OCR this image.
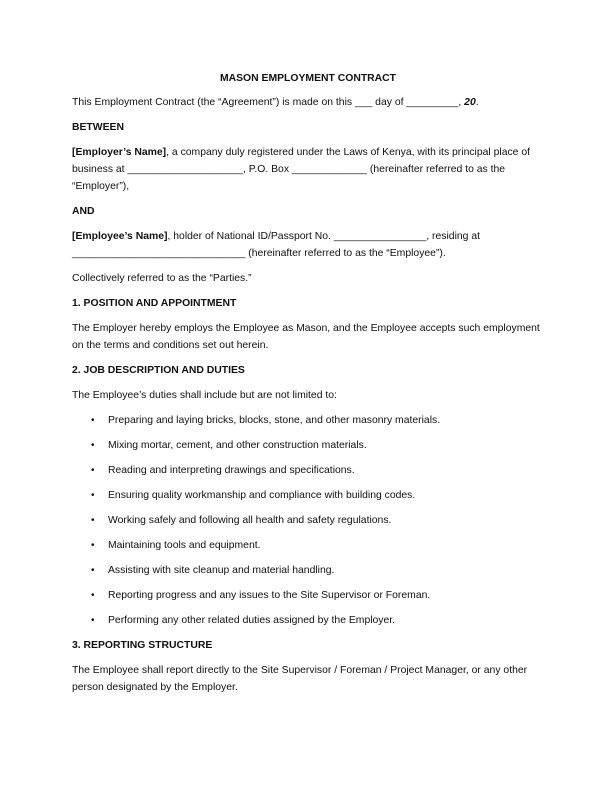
MASON EMPLOYMENT CONTRACT

This Employment Contract (the “Agreement”) is made on this ___ day of _________, 20.

BETWEEN

[Employer’s Name], a company duly registered under the Laws of Kenya, with its principal place of business at ____________________, P.O. Box _____________ (hereinafter referred to as the “Employer”),

AND

[Employee’s Name], holder of National ID/Passport No. ________________, residing at ______________________________ (hereinafter referred to as the “Employee”).

Collectively referred to as the “Parties.”

1. POSITION AND APPOINTMENT

The Employer hereby employs the Employee as Mason, and the Employee accepts such employment on the terms and conditions set out herein.

2. JOB DESCRIPTION AND DUTIES

The Employee’s duties shall include but are not limited to:

• Preparing and laying bricks, blocks, stone, and other masonry materials.
• Mixing mortar, cement, and other construction materials.
• Reading and interpreting drawings and specifications.
• Ensuring quality workmanship and compliance with building codes.
• Working safely and following all health and safety regulations.
• Maintaining tools and equipment.
• Assisting with site cleanup and material handling.
• Reporting progress and any issues to the Site Supervisor or Foreman.
• Performing any other related duties assigned by the Employer.
3. REPORTING STRUCTURE

The Employee shall report directly to the Site Supervisor / Foreman / Project Manager, or any other person designated by the Employer.
